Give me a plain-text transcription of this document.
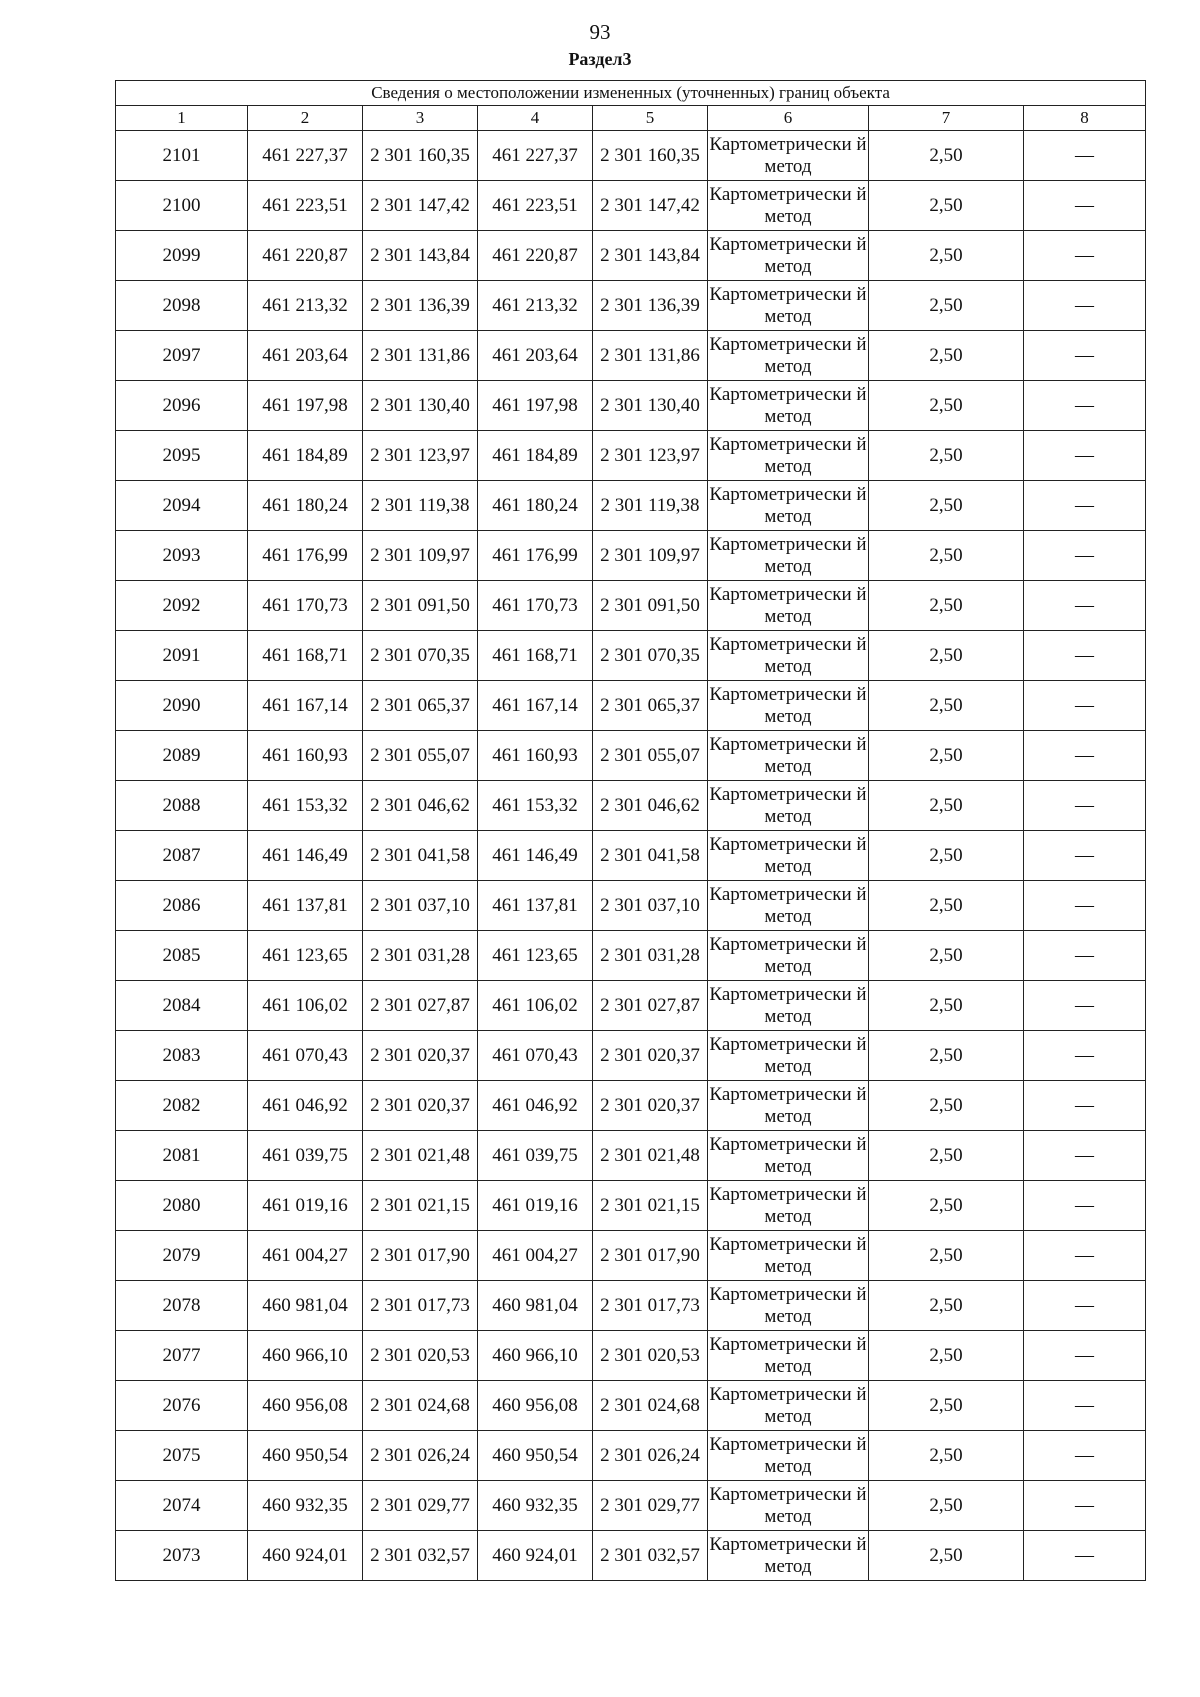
93
Раздел3
Сведения о местоположении измененных (уточненных) границ объекта							
1	2	3	4	5	6	7	8
2101	461 227,37	2 301 160,35	461 227,37	2 301 160,35	Картометрически й метод	2,50	—
2100	461 223,51	2 301 147,42	461 223,51	2 301 147,42	Картометрически й метод	2,50	—
2099	461 220,87	2 301 143,84	461 220,87	2 301 143,84	Картометрически й метод	2,50	—
2098	461 213,32	2 301 136,39	461 213,32	2 301 136,39	Картометрически й метод	2,50	—
2097	461 203,64	2 301 131,86	461 203,64	2 301 131,86	Картометрически й метод	2,50	—
2096	461 197,98	2 301 130,40	461 197,98	2 301 130,40	Картометрически й метод	2,50	—
2095	461 184,89	2 301 123,97	461 184,89	2 301 123,97	Картометрически й метод	2,50	—
2094	461 180,24	2 301 119,38	461 180,24	2 301 119,38	Картометрически й метод	2,50	—
2093	461 176,99	2 301 109,97	461 176,99	2 301 109,97	Картометрически й метод	2,50	—
2092	461 170,73	2 301 091,50	461 170,73	2 301 091,50	Картометрически й метод	2,50	—
2091	461 168,71	2 301 070,35	461 168,71	2 301 070,35	Картометрически й метод	2,50	—
2090	461 167,14	2 301 065,37	461 167,14	2 301 065,37	Картометрически й метод	2,50	—
2089	461 160,93	2 301 055,07	461 160,93	2 301 055,07	Картометрически й метод	2,50	—
2088	461 153,32	2 301 046,62	461 153,32	2 301 046,62	Картометрически й метод	2,50	—
2087	461 146,49	2 301 041,58	461 146,49	2 301 041,58	Картометрически й метод	2,50	—
2086	461 137,81	2 301 037,10	461 137,81	2 301 037,10	Картометрически й метод	2,50	—
2085	461 123,65	2 301 031,28	461 123,65	2 301 031,28	Картометрически й метод	2,50	—
2084	461 106,02	2 301 027,87	461 106,02	2 301 027,87	Картометрически й метод	2,50	—
2083	461 070,43	2 301 020,37	461 070,43	2 301 020,37	Картометрически й метод	2,50	—
2082	461 046,92	2 301 020,37	461 046,92	2 301 020,37	Картометрически й метод	2,50	—
2081	461 039,75	2 301 021,48	461 039,75	2 301 021,48	Картометрически й метод	2,50	—
2080	461 019,16	2 301 021,15	461 019,16	2 301 021,15	Картометрически й метод	2,50	—
2079	461 004,27	2 301 017,90	461 004,27	2 301 017,90	Картометрически й метод	2,50	—
2078	460 981,04	2 301 017,73	460 981,04	2 301 017,73	Картометрически й метод	2,50	—
2077	460 966,10	2 301 020,53	460 966,10	2 301 020,53	Картометрически й метод	2,50	—
2076	460 956,08	2 301 024,68	460 956,08	2 301 024,68	Картометрически й метод	2,50	—
2075	460 950,54	2 301 026,24	460 950,54	2 301 026,24	Картометрически й метод	2,50	—
2074	460 932,35	2 301 029,77	460 932,35	2 301 029,77	Картометрически й метод	2,50	—
2073	460 924,01	2 301 032,57	460 924,01	2 301 032,57	Картометрически й метод	2,50	—
